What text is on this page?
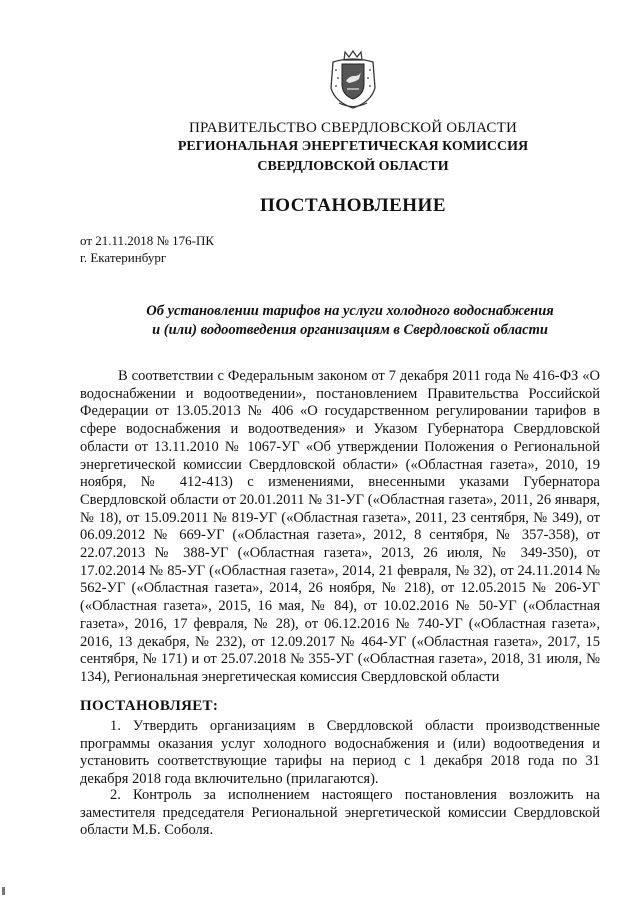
ПРАВИТЕЛЬСТВО СВЕРДЛОВСКОЙ ОБЛАСТИ
РЕГИОНАЛЬНАЯ ЭНЕРГЕТИЧЕСКАЯ КОМИССИЯ
СВЕРДЛОВСКОЙ ОБЛАСТИ
ПОСТАНОВЛЕНИЕ
от 21.11.2018 № 176-ПК
г. Екатеринбург
Об установлении тарифов на услуги холодного водоснабжения
и (или) водоотведения организациям в Свердловской области
В соответствии с Федеральным законом от 7 декабря 2011 года № 416-ФЗ «О водоснабжении и водоотведении», постановлением Правительства Российской Федерации от 13.05.2013 № 406 «О государственном регулировании тарифов в сфере водоснабжения и водоотведения» и Указом Губернатора Свердловской области от 13.11.2010 № 1067-УГ «Об утверждении Положения о Региональной энергетической комиссии Свердловской области» («Областная газета», 2010, 19 ноября, № 412-413) с изменениями, внесенными указами Губернатора Свердловской области от 20.01.2011 № 31-УГ («Областная газета», 2011, 26 января, № 18), от 15.09.2011 № 819-УГ («Областная газета», 2011, 23 сентября, № 349), от 06.09.2012 № 669-УГ («Областная газета», 2012, 8 сентября, № 357-358), от 22.07.2013 № 388-УГ («Областная газета», 2013, 26 июля, № 349-350), от 17.02.2014 № 85-УГ («Областная газета», 2014, 21 февраля, № 32), от 24.11.2014 № 562-УГ («Областная газета», 2014, 26 ноября, № 218), от 12.05.2015 № 206-УГ («Областная газета», 2015, 16 мая, № 84), от 10.02.2016 № 50-УГ («Областная газета», 2016, 17 февраля, № 28), от 06.12.2016 № 740-УГ («Областная газета», 2016, 13 декабря, № 232), от 12.09.2017 № 464-УГ («Областная газета», 2017, 15 сентября, № 171) и от 25.07.2018 № 355-УГ («Областная газета», 2018, 31 июля, № 134), Региональная энергетическая комиссия Свердловской области
ПОСТАНОВЛЯЕТ:
1. Утвердить организациям в Свердловской области производственные программы оказания услуг холодного водоснабжения и (или) водоотведения и установить соответствующие тарифы на период с 1 декабря 2018 года по 31 декабря 2018 года включительно (прилагаются).
2. Контроль за исполнением настоящего постановления возложить на заместителя председателя Региональной энергетической комиссии Свердловской области М.Б. Соболя.
